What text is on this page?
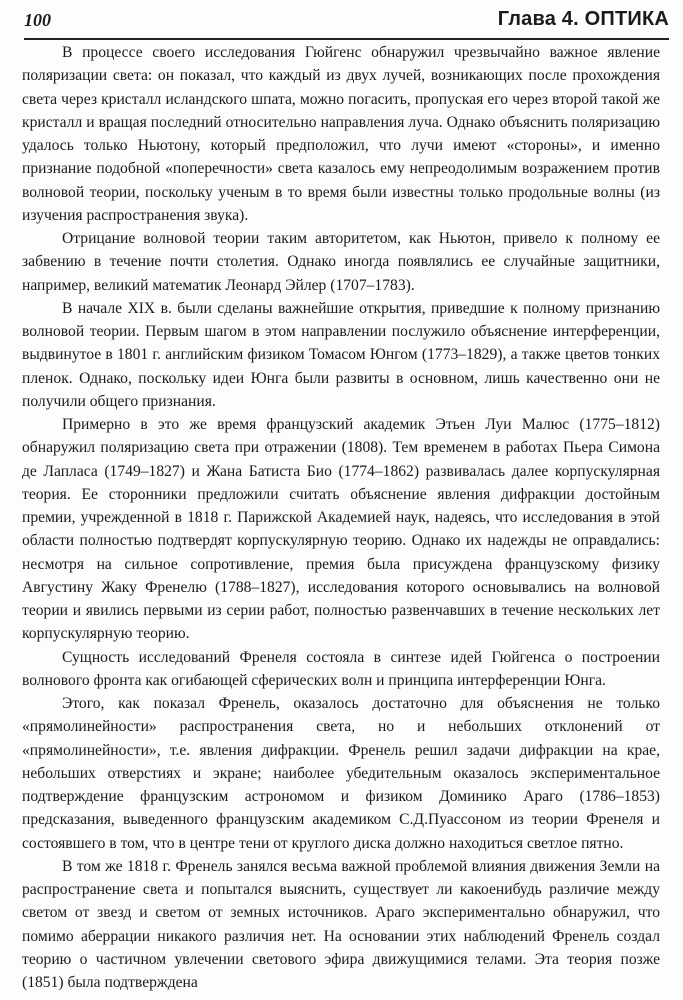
100	Глава 4. ОПТИКА

В процессе своего исследования Гюйгенс обнаружил чрезвычайно важное явление поляризации света: он показал, что каждый из двух лучей, возникающих после прохождения света через кристалл исландского шпата, можно погасить, пропуская его через второй такой же кристалл и вращая последний относительно направления луча. Однако объяснить поляризацию удалось только Ньютону, который предположил, что лучи имеют «стороны», и именно признание подобной «поперечности» света казалось ему непреодолимым возражением против волновой теории, поскольку ученым в то время были известны только продольные волны (из изучения распространения звука).

Отрицание волновой теории таким авторитетом, как Ньютон, привело к полному ее забвению в течение почти столетия. Однако иногда появлялись ее случайные защитники, например, великий математик Леонард Эйлер (1707–1783).

В начале XIX в. были сделаны важнейшие открытия, приведшие к полному признанию волновой теории. Первым шагом в этом направлении послужило объяснение интерференции, выдвинутое в 1801 г. английским физиком Томасом Юнгом (1773–1829), а также цветов тонких пленок. Однако, поскольку идеи Юнга были развиты в основном, лишь качественно они не получили общего признания.

Примерно в это же время французский академик Этьен Луи Малюс (1775–1812) обнаружил поляризацию света при отражении (1808). Тем временем в работах Пьера Симона де Лапласа (1749–1827) и Жана Батиста Био (1774–1862) развивалась далее корпускулярная теория. Ее сторонники предложили считать объяснение явления дифракции достойным премии, учрежденной в 1818 г. Парижской Академией наук, надеясь, что исследования в этой области полностью подтвердят корпускулярную теорию. Однако их надежды не оправдались: несмотря на сильное сопротивление, премия была присуждена французскому физику Августину Жаку Френелю (1788–1827), исследования которого основывались на волновой теории и явились первыми из серии работ, полностью развенчавших в течение нескольких лет корпускулярную теорию.

Сущность исследований Френеля состояла в синтезе идей Гюйгенса о построении волнового фронта как огибающей сферических волн и принципа интерференции Юнга.

Этого, как показал Френель, оказалось достаточно для объяснения не только «прямолинейности» распространения света, но и небольших отклонений от «прямолинейности», т.е. явления дифракции. Френель решил задачи дифракции на крае, небольших отверстиях и экране; наиболее убедительным оказалось экспериментальное подтверждение французским астрономом и физиком Доминико Араго (1786–1853) предсказания, выведенного французским академиком С.Д.Пуассоном из теории Френеля и состоявшего в том, что в центре тени от круглого диска должно находиться светлое пятно.

В том же 1818 г. Френель занялся весьма важной проблемой влияния движения Земли на распространение света и попытался выяснить, существует ли какоенибудь различие между светом от звезд и светом от земных источников. Араго экспериментально обнаружил, что помимо аберрации никакого различия нет. На основании этих наблюдений Френель создал теорию о частичном увлечении светового эфира движущимися телами. Эта теория позже (1851) была подтверждена
